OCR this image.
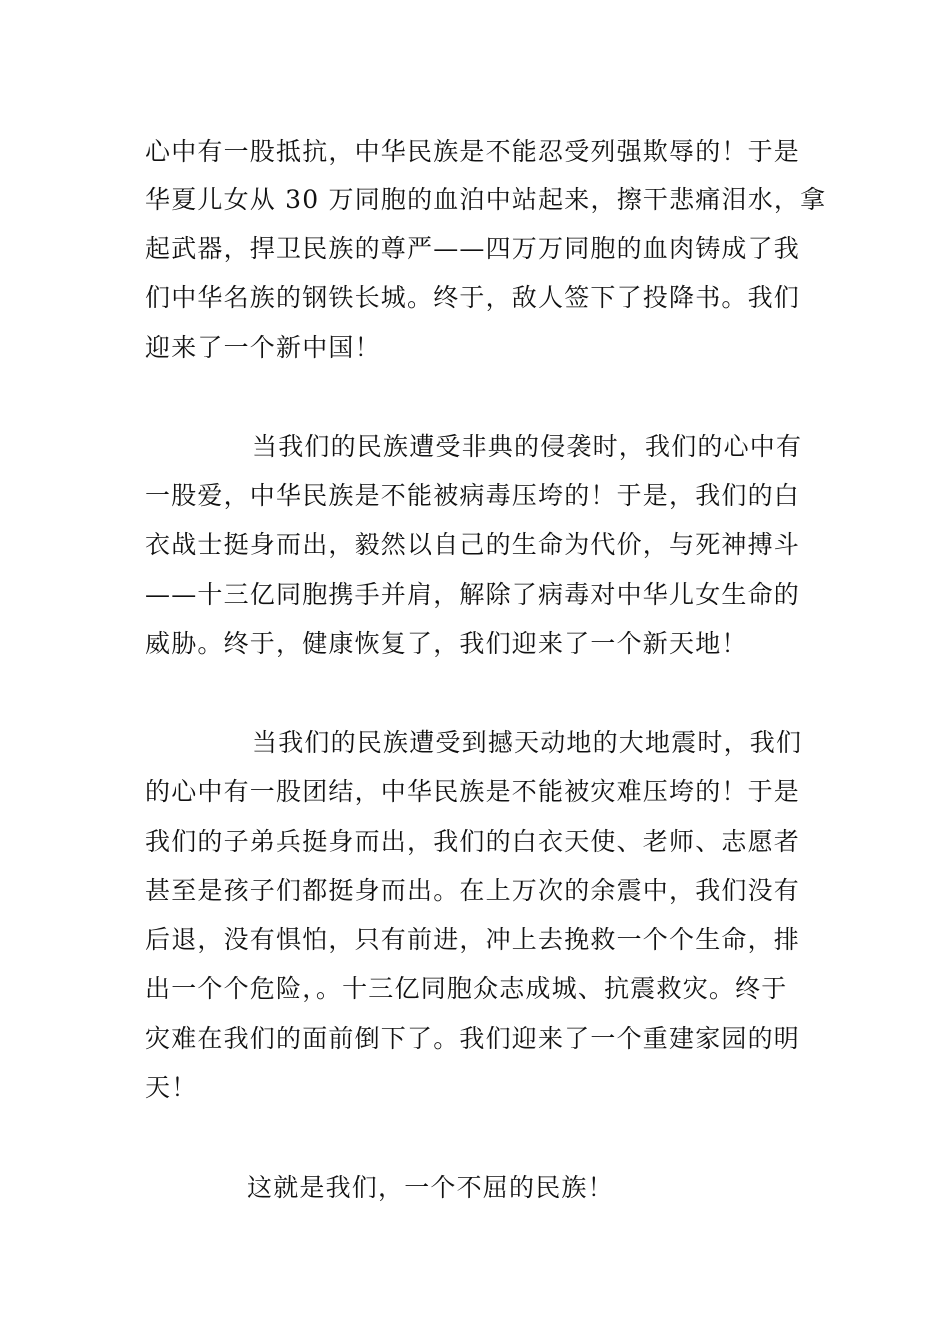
心中有一股抵抗，中华民族是不能忍受列强欺辱的！于是

华夏儿女从 30 万同胞的血泊中站起来，擦干悲痛泪水，拿

起武器，捍卫民族的尊严——四万万同胞的血肉铸成了我

们中华名族的钢铁长城。终于，敌人签下了投降书。我们

迎来了一个新中国！

当我们的民族遭受非典的侵袭时，我们的心中有

一股爱，中华民族是不能被病毒压垮的！于是，我们的白

衣战士挺身而出，毅然以自己的生命为代价，与死神搏斗

——十三亿同胞携手并肩，解除了病毒对中华儿女生命的

威胁。终于，健康恢复了，我们迎来了一个新天地！

当我们的民族遭受到撼天动地的大地震时，我们

的心中有一股团结，中华民族是不能被灾难压垮的！于是

我们的子弟兵挺身而出，我们的白衣天使、老师、志愿者

甚至是孩子们都挺身而出。在上万次的余震中，我们没有

后退，没有惧怕，只有前进，冲上去挽救一个个生命，排

出一个个危险，。十三亿同胞众志成城、抗震救灾。终于

灾难在我们的面前倒下了。我们迎来了一个重建家园的明

天！

这就是我们，一个不屈的民族！
